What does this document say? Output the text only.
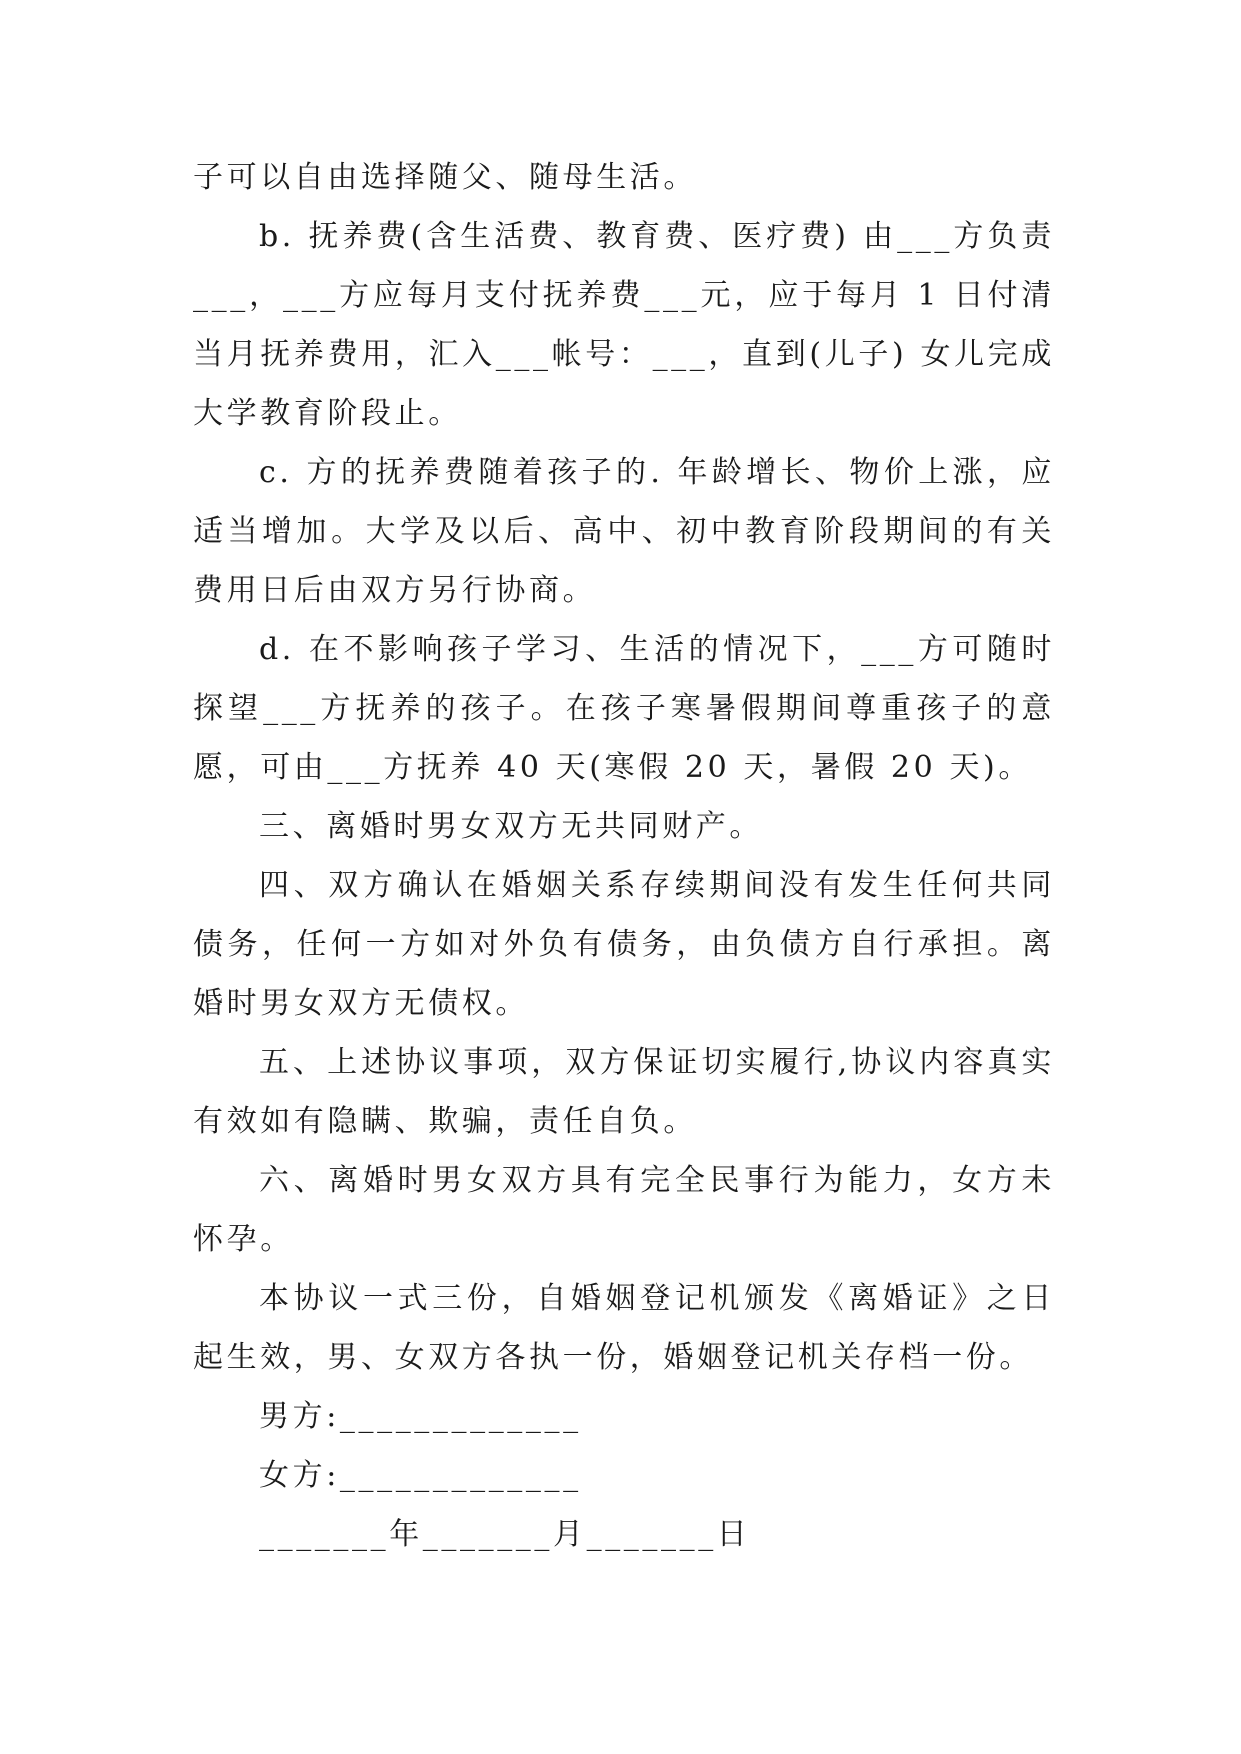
子可以自由选择随父、随母生活。

b. 抚养费(含生活费、教育费、医疗费) 由___方负责___，___方应每月支付抚养费___元，应于每月 1 日付清当月抚养费用，汇入___帐号：___，直到(儿子) 女儿完成大学教育阶段止。

c. 方的抚养费随着孩子的. 年龄增长、物价上涨，应适当增加。大学及以后、高中、初中教育阶段期间的有关费用日后由双方另行协商。

d. 在不影响孩子学习、生活的情况下，___方可随时探望___方抚养的孩子。在孩子寒暑假期间尊重孩子的意愿，可由___方抚养 40 天(寒假 20 天，暑假 20 天)。

三、离婚时男女双方无共同财产。

四、双方确认在婚姻关系存续期间没有发生任何共同债务，任何一方如对外负有债务，由负债方自行承担。离婚时男女双方无债权。

五、上述协议事项，双方保证切实履行,协议内容真实有效如有隐瞒、欺骗，责任自负。

六、离婚时男女双方具有完全民事行为能力，女方未怀孕。

本协议一式三份，自婚姻登记机颁发《离婚证》之日起生效，男、女双方各执一份，婚姻登记机关存档一份。

男方:_____________

女方:_____________

_______年_______月_______日
